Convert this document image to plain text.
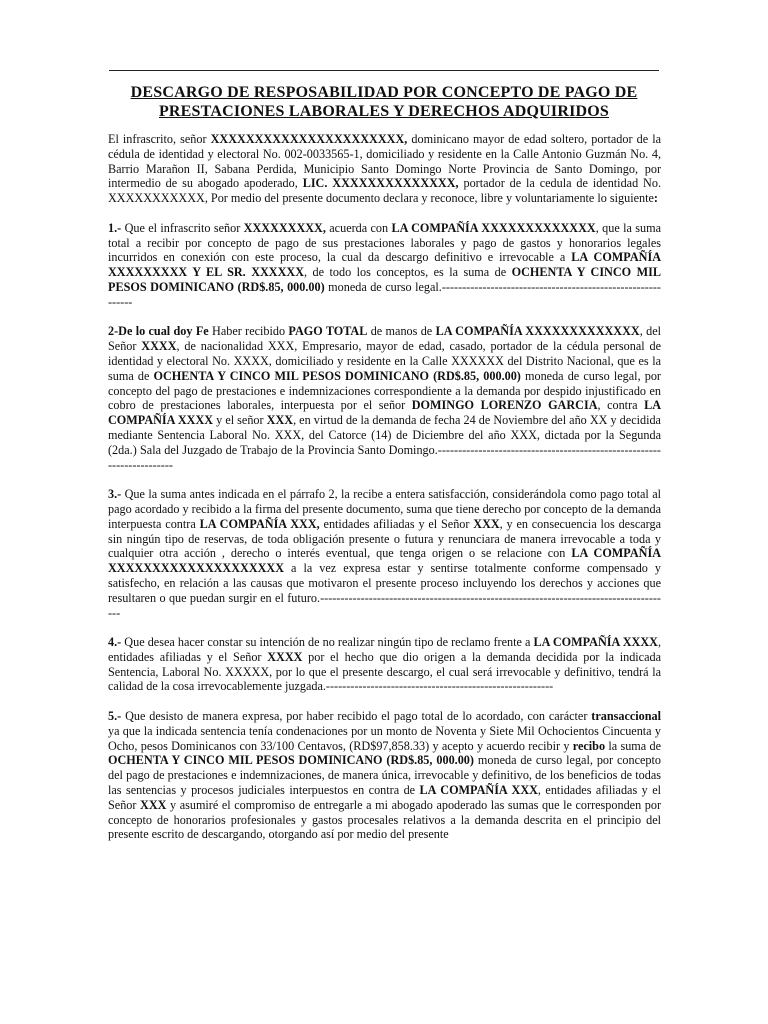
DESCARGO DE RESPOSABILIDAD POR CONCEPTO DE PAGO DE
PRESTACIONES LABORALES Y DERECHOS ADQUIRIDOS

El infrascrito, señor XXXXXXXXXXXXXXXXXXXXXX, dominicano mayor de edad soltero, portador de la cédula de identidad y electoral No. 002-0033565-1, domiciliado y residente en la Calle Antonio Guzmán No. 4, Barrio Marañon II, Sabana Perdida, Municipio Santo Domingo Norte Provincia de Santo Domingo, por intermedio de su abogado apoderado, LIC. XXXXXXXXXXXXXX, portador de la cedula de identidad No. XXXXXXXXXXX, Por medio del presente documento declara y reconoce, libre y voluntariamente lo siguiente:

1.- Que el infrascrito señor XXXXXXXXX, acuerda con LA COMPAÑÍA XXXXXXXXXXXXX, que la suma total a recibir por concepto de pago de sus prestaciones laborales y pago de gastos y honorarios legales incurridos en conexión con este proceso, la cual da descargo definitivo e irrevocable a LA COMPAÑÍA XXXXXXXXX Y EL SR. XXXXXX, de todo los conceptos, es la suma de OCHENTA Y CINCO MIL PESOS DOMINICANO (RD$.85, 000.00) moneda de curso legal.------------------------------------------------------------

2-De lo cual doy Fe Haber recibido PAGO TOTAL de manos de LA COMPAÑÍA XXXXXXXXXXXXX, del Señor XXXX, de nacionalidad XXX, Empresario, mayor de edad, casado, portador de la cédula personal de identidad y electoral No. XXXX, domiciliado y residente en la Calle XXXXXX del Distrito Nacional, que es la suma de OCHENTA Y CINCO MIL PESOS DOMINICANO (RD$.85, 000.00) moneda de curso legal, por concepto del pago de prestaciones e indemnizaciones correspondiente a la demanda por despido injustificado en cobro de prestaciones laborales, interpuesta por el señor DOMINGO LORENZO GARCIA, contra LA COMPAÑÍA XXXX y el señor XXX, en virtud de la demanda de fecha 24 de Noviembre del año XX y decidida mediante Sentencia Laboral No. XXX, del Catorce (14) de Diciembre del año XXX, dictada por la Segunda (2da.) Sala del Juzgado de Trabajo de la Provincia Santo Domingo.-----------------------------------------------------------------------

3.- Que la suma antes indicada en el párrafo 2, la recibe a entera satisfacción, considerándola como pago total al pago acordado y recibido a la firma del presente documento, suma que tiene derecho por concepto de la demanda interpuesta contra LA COMPAÑÍA XXX, entidades afiliadas y el Señor XXX, y en consecuencia los descarga sin ningún tipo de reservas, de toda obligación presente o futura y renunciara de manera irrevocable a toda y cualquier otra acción , derecho o interés eventual, que tenga origen o se relacione con LA COMPAÑÍA XXXXXXXXXXXXXXXXXXXX a la vez expresa estar y sentirse totalmente conforme compensado y satisfecho, en relación a las causas que motivaron el presente proceso incluyendo los derechos y acciones que resultaren o que puedan surgir en el futuro.---------------------------------------------------------------------------------------

4.- Que desea hacer constar su intención de no realizar ningún tipo de reclamo frente a LA COMPAÑÍA XXXX, entidades afiliadas y el Señor XXXX por el hecho que dio origen a la demanda decidida por la indicada Sentencia, Laboral No. XXXXX, por lo que el presente descargo, el cual será irrevocable y definitivo, tendrá la calidad de la cosa irrevocablemente juzgada.--------------------------------------------------------

5.- Que desisto de manera expresa, por haber recibido el pago total de lo acordado, con carácter transaccional ya que la indicada sentencia tenía condenaciones por un monto de Noventa y Siete Mil Ochocientos Cincuenta y Ocho, pesos Dominicanos con 33/100 Centavos, (RD$97,858.33) y acepto y acuerdo recibir y recibo la suma de OCHENTA Y CINCO MIL PESOS DOMINICANO (RD$.85, 000.00) moneda de curso legal, por concepto del pago de prestaciones e indemnizaciones, de manera única, irrevocable y definitivo, de los beneficios de todas las sentencias y procesos judiciales interpuestos en contra de LA COMPAÑÍA XXX, entidades afiliadas y el Señor XXX y asumiré el compromiso de entregarle a mi abogado apoderado las sumas que le corresponden por concepto de honorarios profesionales y gastos procesales relativos a la demanda descrita en el principio del presente escrito de descargando, otorgando así por medio del presente
